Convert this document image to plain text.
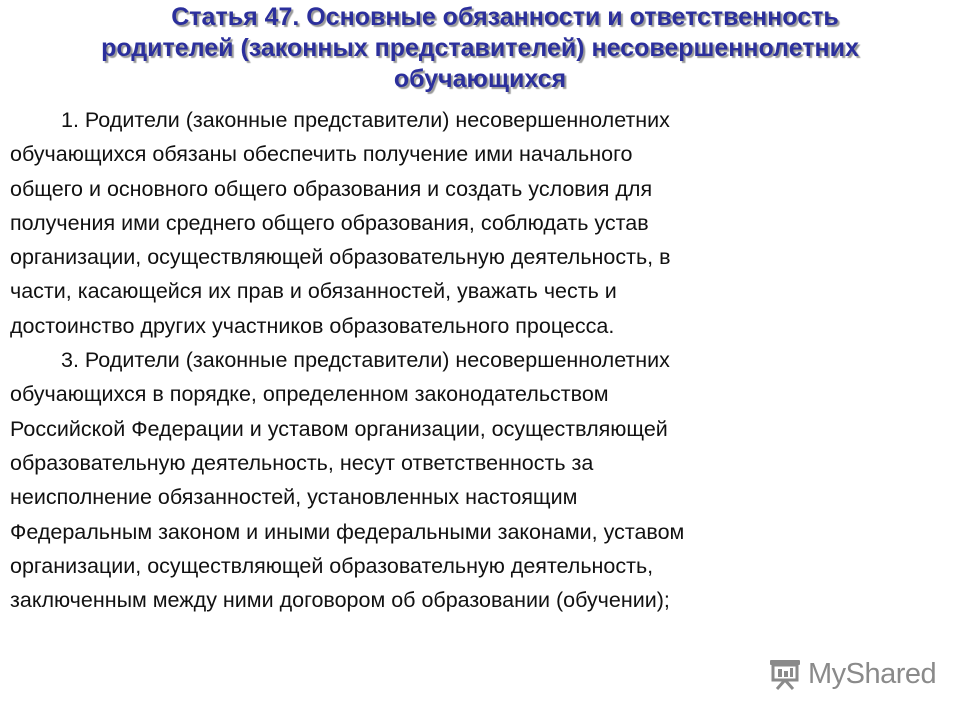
Статья 47. Основные обязанности и ответственность
родителей (законных представителей) несовершеннолетних
обучающихся

1. Родители (законные представители) несовершеннолетних
обучающихся обязаны обеспечить получение ими начального
общего и основного общего образования и создать условия для
получения ими среднего общего образования, соблюдать устав
организации, осуществляющей образовательную деятельность, в
части, касающейся их прав и обязанностей, уважать честь и
достоинство других участников образовательного процесса.

3. Родители (законные представители) несовершеннолетних
обучающихся в порядке, определенном законодательством
Российской Федерации и уставом организации, осуществляющей
образовательную деятельность, несут ответственность за
неисполнение обязанностей, установленных настоящим
Федеральным законом и иными федеральными законами, уставом
организации, осуществляющей образовательную деятельность,
заключенным между ними договором об образовании (обучении);

MyShared
